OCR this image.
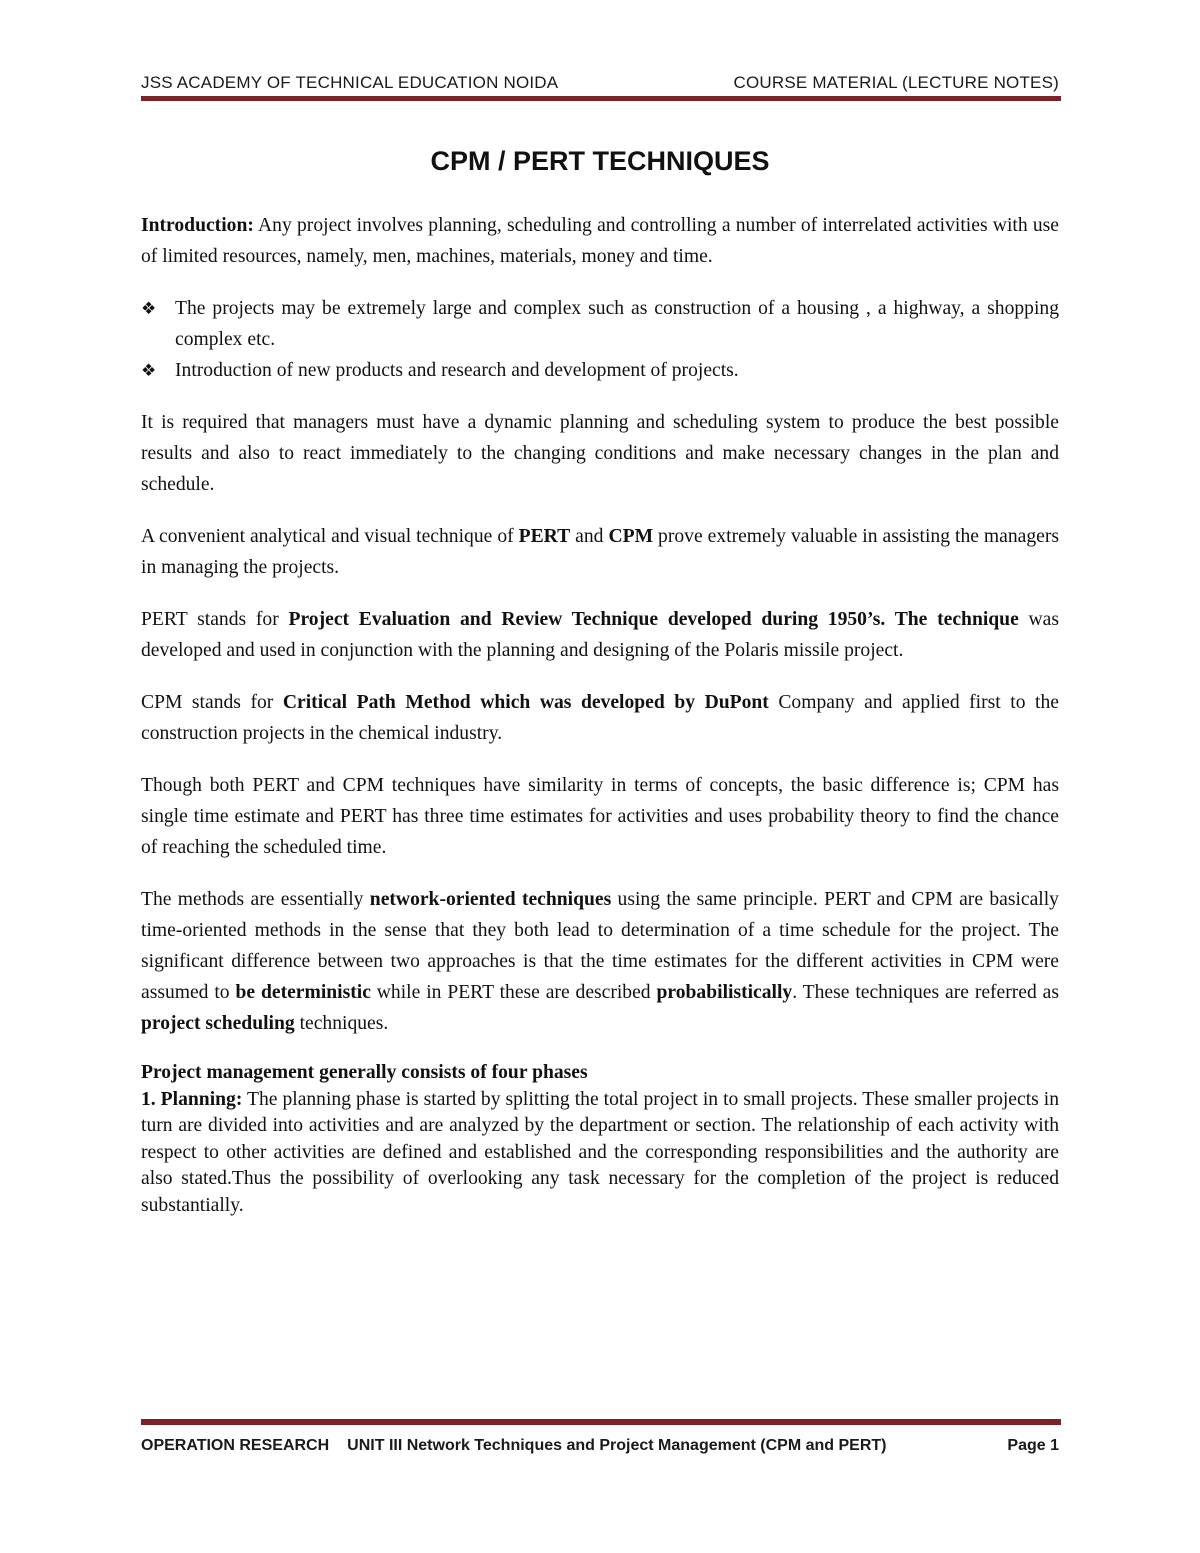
JSS ACADEMY OF TECHNICAL EDUCATION NOIDA	COURSE MATERIAL (LECTURE NOTES)
CPM / PERT TECHNIQUES

Introduction: Any project involves planning, scheduling and controlling a number of interrelated activities with use of limited resources, namely, men, machines, materials, money and time.

❖ The projects may be extremely large and complex such as construction of a housing , a highway, a shopping complex etc.
❖ Introduction of new products and research and development of projects.

It is required that managers must have a dynamic planning and scheduling system to produce the best possible results and also to react immediately to the changing conditions and make necessary changes in the plan and schedule.

A convenient analytical and visual technique of PERT and CPM prove extremely valuable in assisting the managers in managing the projects.

PERT stands for Project Evaluation and Review Technique developed during 1950’s. The technique was developed and used in conjunction with the planning and designing of the Polaris missile project.

CPM stands for Critical Path Method which was developed by DuPont Company and applied first to the construction projects in the chemical industry.

Though both PERT and CPM techniques have similarity in terms of concepts, the basic difference is; CPM has single time estimate and PERT has three time estimates for activities and uses probability theory to find the chance of reaching the scheduled time.

The methods are essentially network-oriented techniques using the same principle. PERT and CPM are basically time-oriented methods in the sense that they both lead to determination of a time schedule for the project. The significant difference between two approaches is that the time estimates for the different activities in CPM were assumed to be deterministic while in PERT these are described probabilistically. These techniques are referred as project scheduling techniques.

Project management generally consists of four phases

1. Planning: The planning phase is started by splitting the total project in to small projects. These smaller projects in turn are divided into activities and are analyzed by the department or section. The relationship of each activity with respect to other activities are defined and established and the corresponding responsibilities and the authority are also stated.Thus the possibility of overlooking any task necessary for the completion of the project is reduced substantially.

OPERATION RESEARCH UNIT III Network Techniques and Project Management (CPM and PERT)	Page 1
